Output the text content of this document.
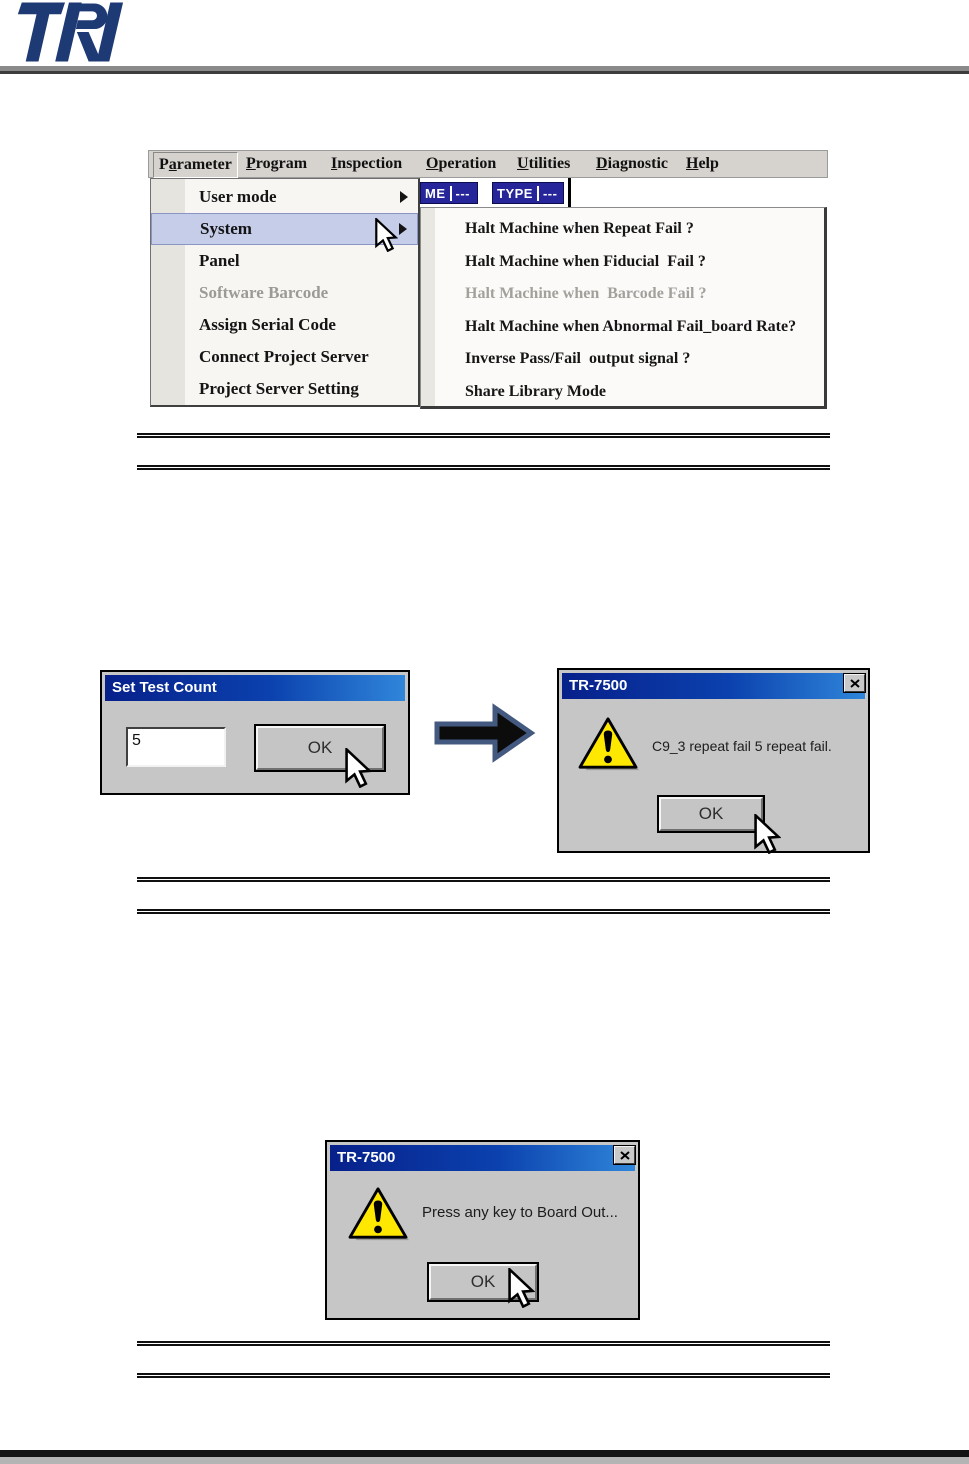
Parameter Program	Inspection	Operation	Utilities	Diagnostic	Help
ME ---	TYPE ---
User mode
System
Panel
Software Barcode
Assign Serial Code
Connect Project Server
Project Server Setting
Halt Machine when Repeat Fail ?
Halt Machine when Fiducial  Fail ?
Halt Machine when  Barcode Fail ?
Halt Machine when Abnormal Fail_board Rate?
Inverse Pass/Fail  output signal ?
Share Library Mode
Set Test Count
5
OK
TR-7500
C9_3 repeat fail 5 repeat fail.
OK
TR-7500
Press any key to Board Out...
OK
